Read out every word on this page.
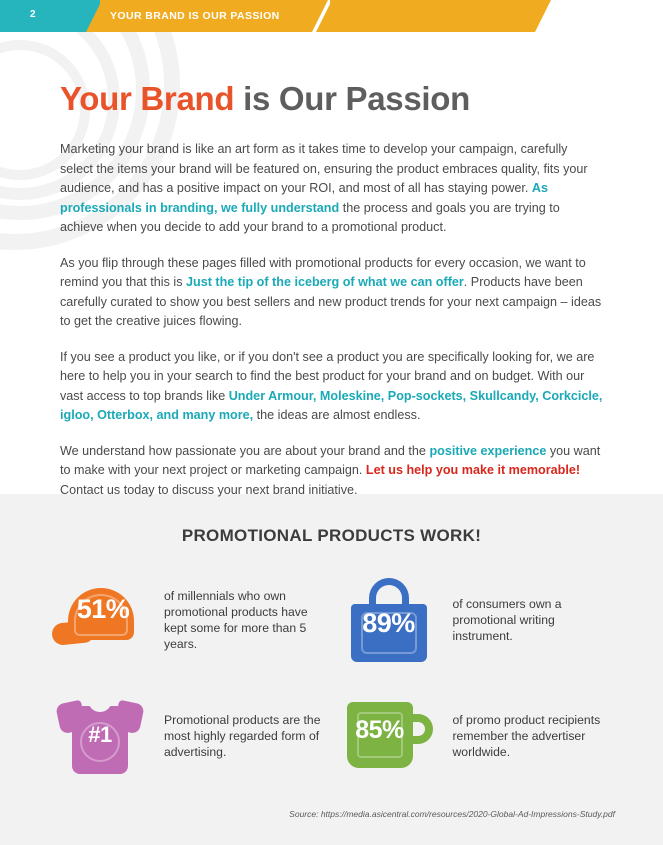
2	YOUR BRAND IS OUR PASSION
Your Brand is Our Passion

Marketing your brand is like an art form as it takes time to develop your campaign, carefully select the items your brand will be featured on, ensuring the product embraces quality, fits your audience, and has a positive impact on your ROI, and most of all has staying power. As professionals in branding, we fully understand the process and goals you are trying to achieve when you decide to add your brand to a promotional product.

As you flip through these pages filled with promotional products for every occasion, we want to remind you that this is Just the tip of the iceberg of what we can offer. Products have been carefully curated to show you best sellers and new product trends for your next campaign – ideas to get the creative juices flowing.

If you see a product you like, or if you don't see a product you are specifically looking for, we are here to help you in your search to find the best product for your brand and on budget. With our vast access to top brands like Under Armour, Moleskine, Pop-sockets, Skullcandy, Corkcicle, igloo, Otterbox, and many more, the ideas are almost endless.

We understand how passionate you are about your brand and the positive experience you want to make with your next project or marketing campaign. Let us help you make it memorable! Contact us today to discuss your next brand initiative.

PROMOTIONAL PRODUCTS WORK!
51%	of millennials who own promotional products have kept some for more than 5 years.
89%
of consumers own a promotional writing instrument.
#1
Promotional products are the most highly regarded form of advertising.
85%	of promo product recipients remember the advertiser worldwide.
Source: https://media.asicentral.com/resources/2020-Global-Ad-Impressions-Study.pdf
